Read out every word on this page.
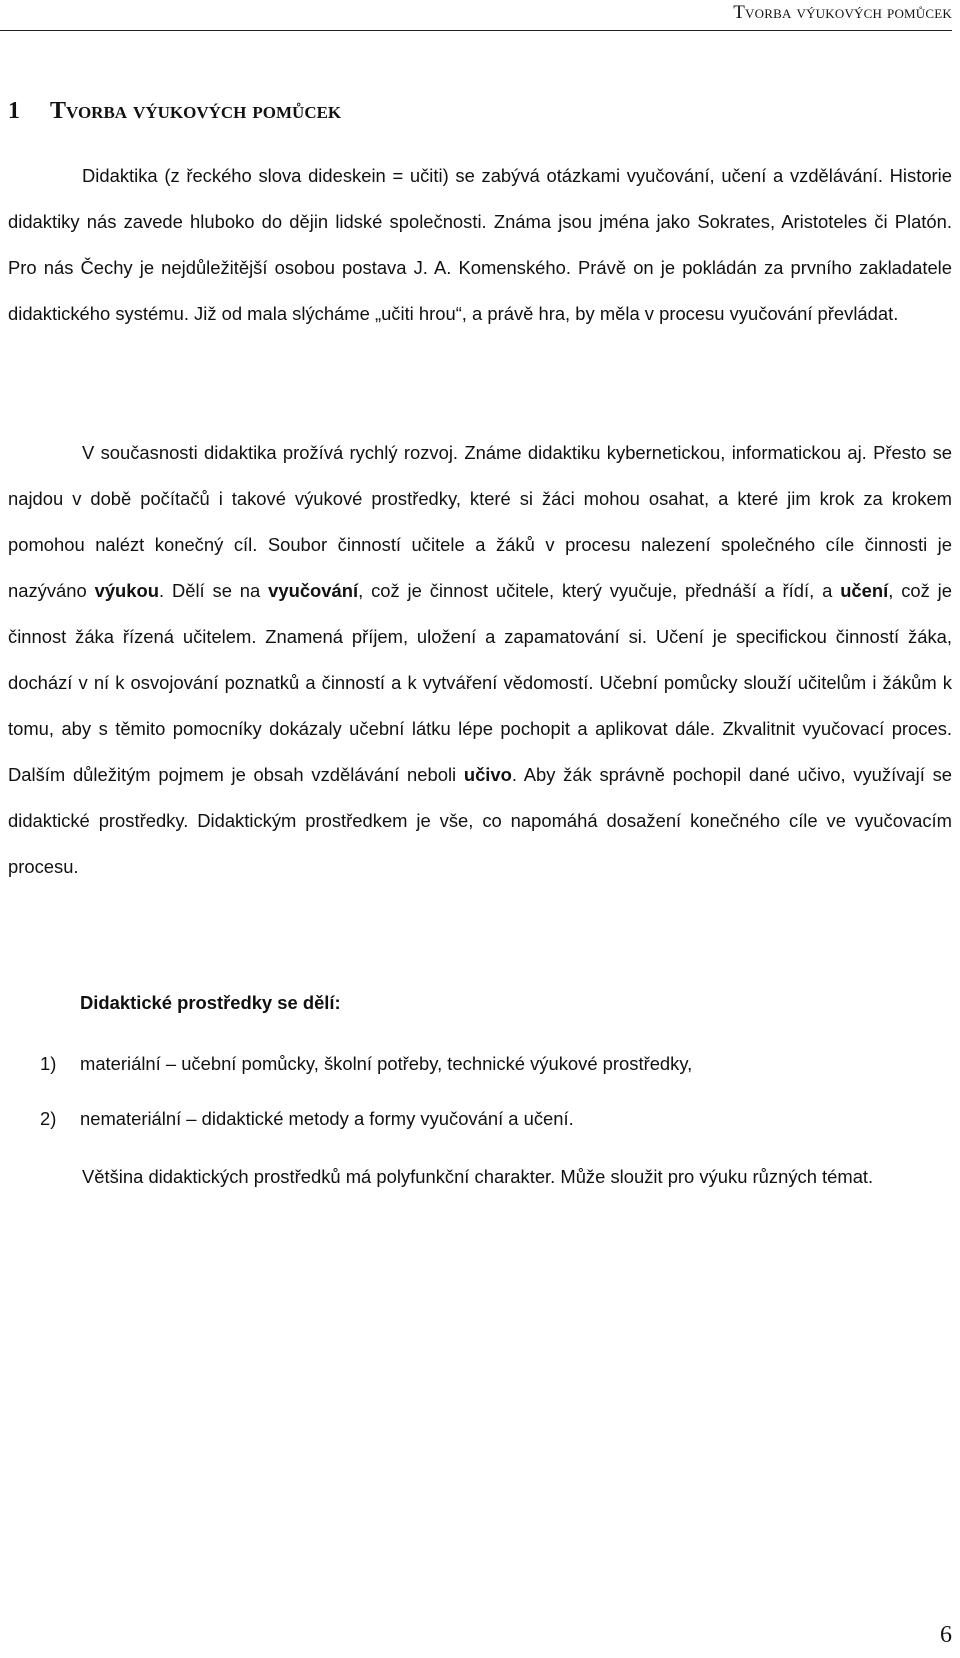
Tvorba výukových pomůcek
1 Tvorba výukových pomůcek

Didaktika (z řeckého slova dideskein = učiti) se zabývá otázkami vyučování, učení a vzdělávání. Historie didaktiky nás zavede hluboko do dějin lidské společnosti. Známa jsou jména jako Sokrates, Aristoteles či Platón. Pro nás Čechy je nejdůležitější osobou postava J. A. Komenského. Právě on je pokládán za prvního zakladatele didaktického systému. Již od mala slýcháme „učiti hrou“, a právě hra, by měla v procesu vyučování převládat.

V současnosti didaktika prožívá rychlý rozvoj. Známe didaktiku kybernetickou, informatickou aj. Přesto se najdou v době počítačů i takové výukové prostředky, které si žáci mohou osahat, a které jim krok za krokem pomohou nalézt konečný cíl. Soubor činností učitele a žáků v procesu nalezení společného cíle činnosti je nazýváno výukou. Dělí se na vyučování, což je činnost učitele, který vyučuje, přednáší a řídí, a učení, což je činnost žáka řízená učitelem. Znamená příjem, uložení a zapamatování si. Učení je specifickou činností žáka, dochází v ní k osvojování poznatků a činností a k vytváření vědomostí. Učební pomůcky slouží učitelům i žákům k tomu, aby s těmito pomocníky dokázaly učební látku lépe pochopit a aplikovat dále. Zkvalitnit vyučovací proces. Dalším důležitým pojmem je obsah vzdělávání neboli učivo. Aby žák správně pochopil dané učivo, využívají se didaktické prostředky. Didaktickým prostředkem je vše, co napomáhá dosažení konečného cíle ve vyučovacím procesu.

Didaktické prostředky se dělí:
1) materiální – učební pomůcky, školní potřeby, technické výukové prostředky,
2) nemateriální – didaktické metody a formy vyučování a učení.

Většina didaktických prostředků má polyfunkční charakter. Může sloužit pro výuku různých témat.

6
